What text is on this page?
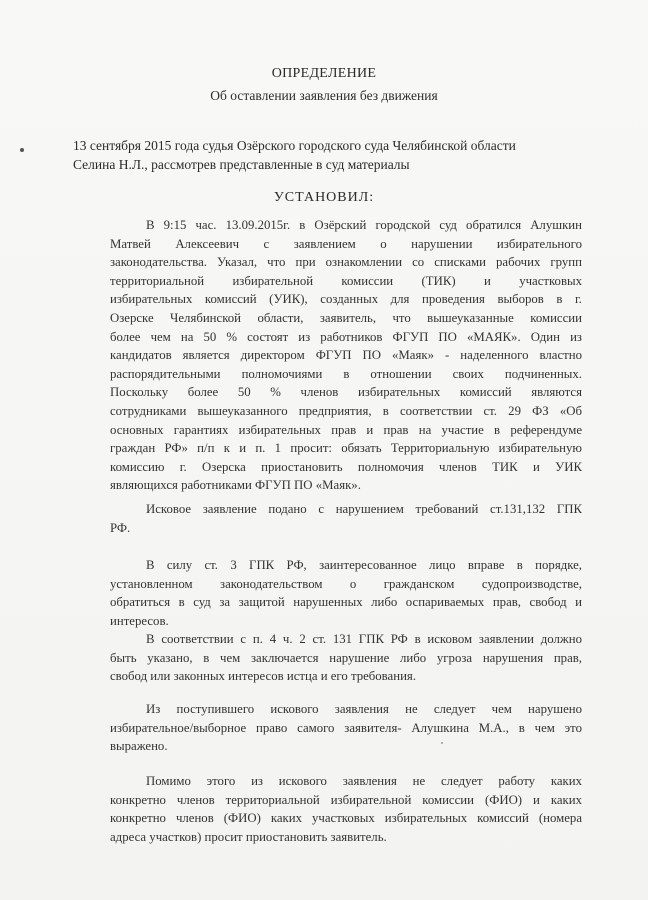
ОПРЕДЕЛЕНИЕ
Об оставлении заявления без движения
13 сентября 2015 года судья Озёрского городского суда Челябинской области
Селина Н.Л., рассмотрев представленные в суд материалы
УСТАНОВИЛ:
В 9:15 час. 13.09.2015г. в Озёрский городской суд обратился Алушкин
Матвей Алексеевич с заявлением о нарушении избирательного
законодательства. Указал, что при ознакомлении со списками рабочих групп
территориальной избирательной комиссии (ТИК) и участковых
избирательных комиссий (УИК), созданных для проведения выборов в г.
Озерске Челябинской области, заявитель, что вышеуказанные комиссии
более чем на 50 % состоят из работников ФГУП ПО «МАЯК». Один из
кандидатов является директором ФГУП ПО «Маяк» - наделенного властно
распорядительными полномочиями в отношении своих подчиненных.
Поскольку более 50 % членов избирательных комиссий являются
сотрудниками вышеуказанного предприятия, в соответствии ст. 29 ФЗ «Об
основных гарантиях избирательных прав и прав на участие в референдуме
граждан РФ» п/п к и п. 1 просит: обязать Территориальную избирательную
комиссию г. Озерска приостановить полномочия членов ТИК и УИК
являющихся работниками ФГУП ПО «Маяк».
Исковое заявление подано с нарушением требований ст.131,132 ГПК
РФ.
В силу ст. 3 ГПК РФ, заинтересованное лицо вправе в порядке,
установленном законодательством о гражданском судопроизводстве,
обратиться в суд за защитой нарушенных либо оспариваемых прав, свобод и
интересов.
В соответствии с п. 4 ч. 2 ст. 131 ГПК РФ в исковом заявлении должно
быть указано, в чем заключается нарушение либо угроза нарушения прав,
свобод или законных интересов истца и его требования.
Из поступившего искового заявления не следует чем нарушено
избирательное/выборное право самого заявителя- Алушкина М.А., в чем это
выражено.
Помимо этого из искового заявления не следует работу каких
конкретно членов территориальной избирательной комиссии (ФИО) и каких
конкретно членов (ФИО) каких участковых избирательных комиссий (номера
адреса участков) просит приостановить заявитель.
